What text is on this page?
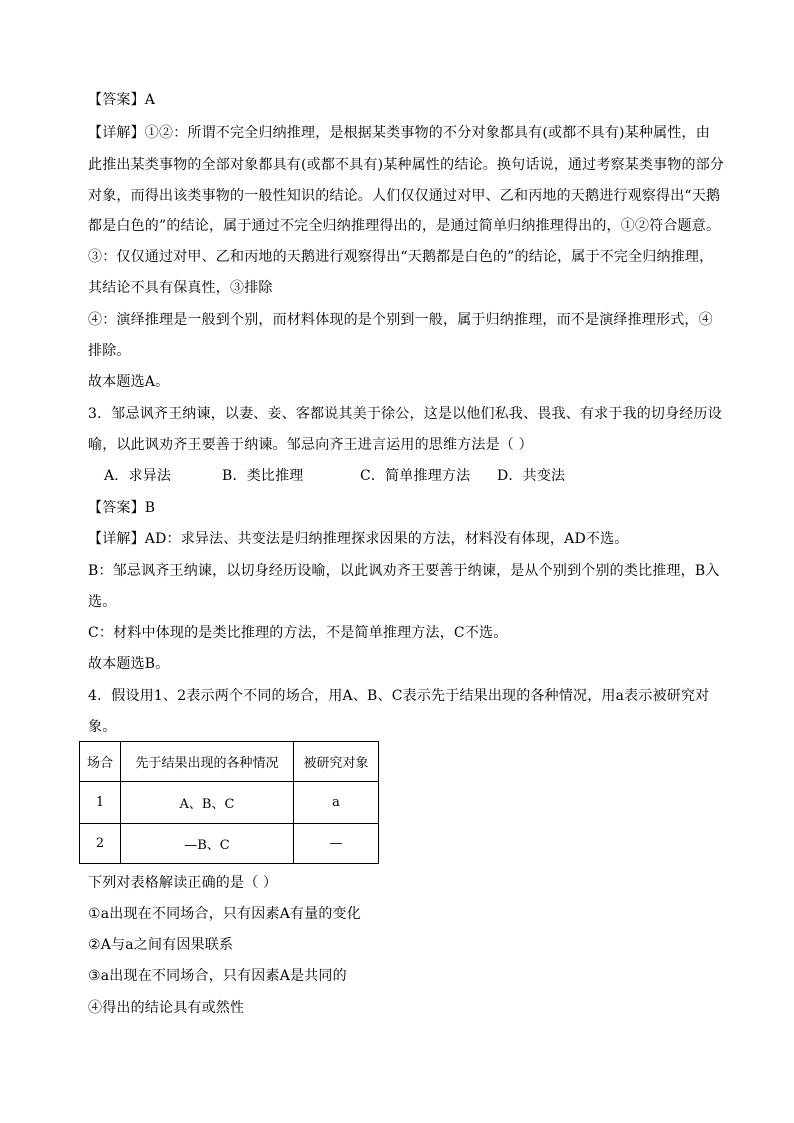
【答案】A
【详解】①②：所谓不完全归纳推理，是根据某类事物的不分对象都具有(或都不具有)某种属性，由
此推出某类事物的全部对象都具有(或都不具有)某种属性的结论。换句话说，通过考察某类事物的部分
对象，而得出该类事物的一般性知识的结论。人们仅仅通过对甲、乙和丙地的天鹅进行观察得出“天鹅
都是白色的”的结论，属于通过不完全归纳推理得出的，是通过简单归纳推理得出的，①②符合题意。
③：仅仅通过对甲、乙和丙地的天鹅进行观察得出“天鹅都是白色的”的结论，属于不完全归纳推理，
其结论不具有保真性，③排除
④：演绎推理是一般到个别，而材料体现的是个别到一般，属于归纳推理，而不是演绎推理形式，④
排除。
故本题选A。
3．邹忌讽齐王纳谏，以妻、妾、客都说其美于徐公，这是以他们私我、畏我、有求于我的切身经历设
喻，以此讽劝齐王要善于纳谏。邹忌向齐王进言运用的思维方法是（ ）
A．求异法	B．类比推理	C．简单推理方法 D．共变法
【答案】B
【详解】AD：求异法、共变法是归纳推理探求因果的方法，材料没有体现，AD不选。
B：邹忌讽齐王纳谏，以切身经历设喻，以此讽劝齐王要善于纳谏，是从个别到个别的类比推理，B入
选。
C：材料中体现的是类比推理的方法，不是简单推理方法，C不选。
故本题选B。
4．假设用1、2表示两个不同的场合，用A、B、C表示先于结果出现的各种情况，用a表示被研究对
象。
场合	先于结果出现的各种情况	被研究对象
1	A、B、C	a
2	—B、C	—
下列对表格解读正确的是（ ）
①a出现在不同场合，只有因素A有量的变化
②A与a之间有因果联系
③a出现在不同场合，只有因素A是共同的
④得出的结论具有或然性
